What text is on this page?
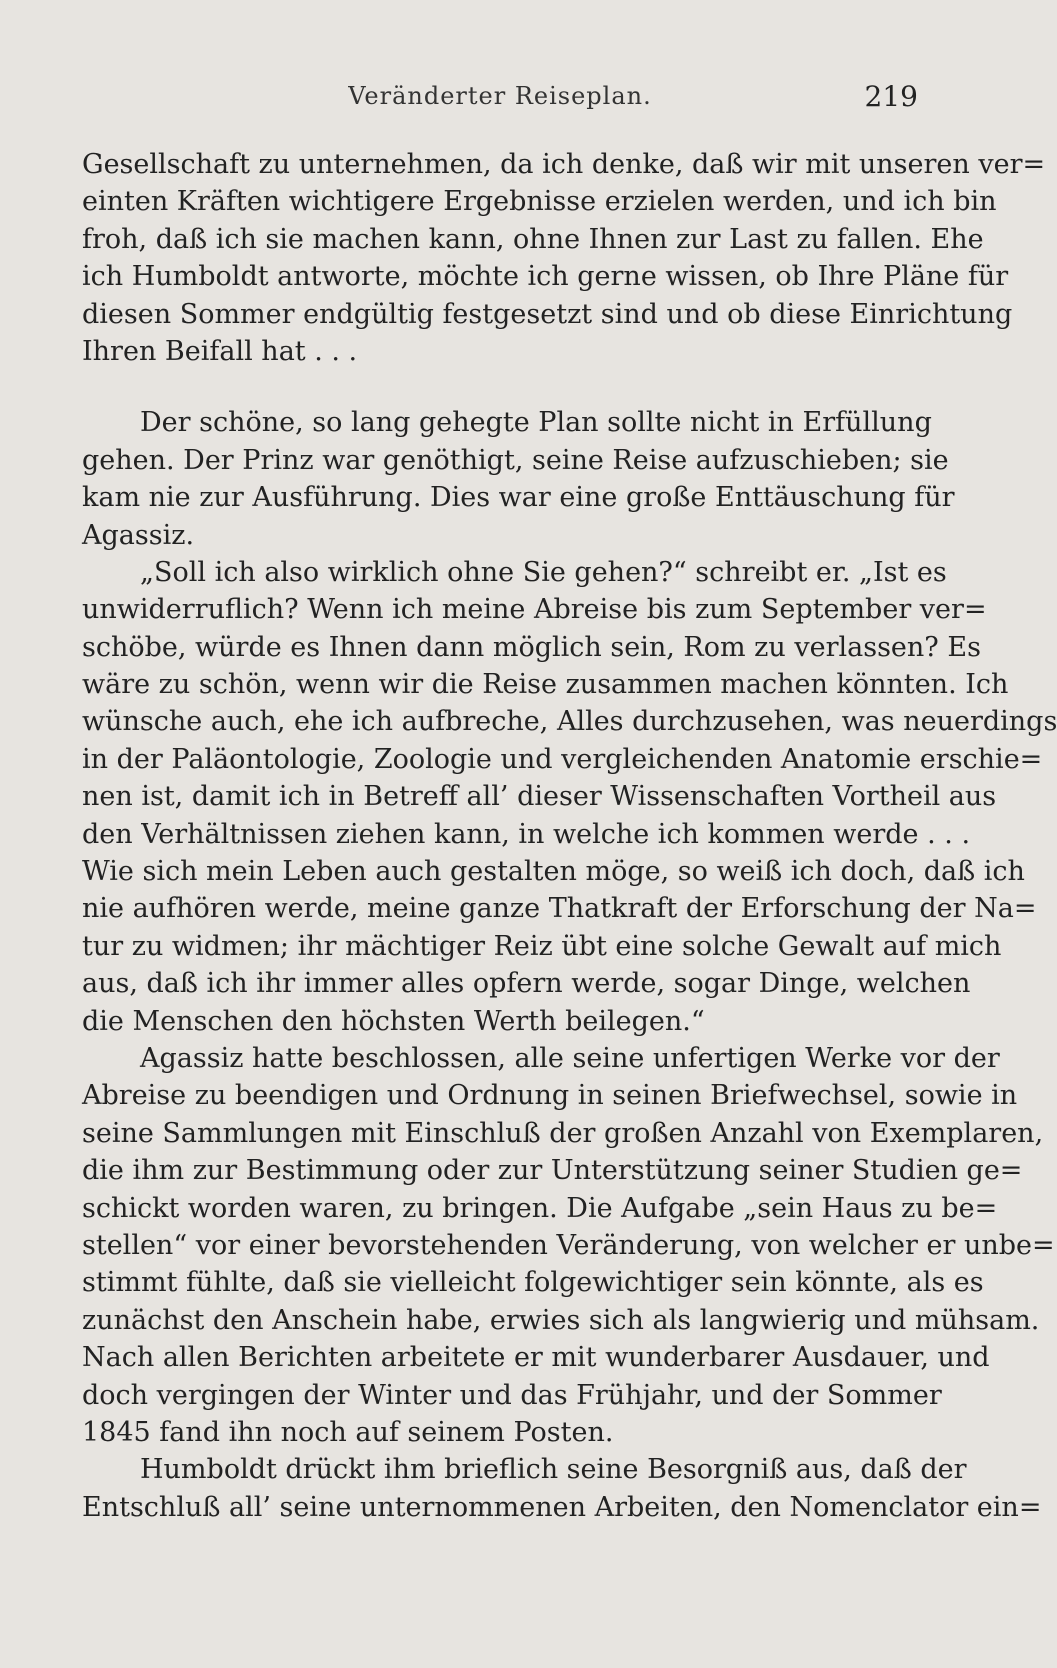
Veränderter Reiseplan.	219
Gesellschaft zu unternehmen, da ich denke, daß wir mit unseren ver=
einten Kräften wichtigere Ergebnisse erzielen werden, und ich bin
froh, daß ich sie machen kann, ohne Ihnen zur Last zu fallen. Ehe
ich Humboldt antworte, möchte ich gerne wissen, ob Ihre Pläne für
diesen Sommer endgültig festgesetzt sind und ob diese Einrichtung
Ihren Beifall hat . . .
Der schöne, so lang gehegte Plan sollte nicht in Erfüllung
gehen. Der Prinz war genöthigt, seine Reise aufzuschieben; sie
kam nie zur Ausführung. Dies war eine große Enttäuschung für
Agassiz.
„Soll ich also wirklich ohne Sie gehen?“ schreibt er. „Ist es
unwiderruflich? Wenn ich meine Abreise bis zum September ver=
schöbe, würde es Ihnen dann möglich sein, Rom zu verlassen? Es
wäre zu schön, wenn wir die Reise zusammen machen könnten. Ich
wünsche auch, ehe ich aufbreche, Alles durchzusehen, was neuerdings
in der Paläontologie, Zoologie und vergleichenden Anatomie erschie=
nen ist, damit ich in Betreff all’ dieser Wissenschaften Vortheil aus
den Verhältnissen ziehen kann, in welche ich kommen werde . . .
Wie sich mein Leben auch gestalten möge, so weiß ich doch, daß ich
nie aufhören werde, meine ganze Thatkraft der Erforschung der Na=
tur zu widmen; ihr mächtiger Reiz übt eine solche Gewalt auf mich
aus, daß ich ihr immer alles opfern werde, sogar Dinge, welchen
die Menschen den höchsten Werth beilegen.“
Agassiz hatte beschlossen, alle seine unfertigen Werke vor der
Abreise zu beendigen und Ordnung in seinen Briefwechsel, sowie in
seine Sammlungen mit Einschluß der großen Anzahl von Exemplaren,
die ihm zur Bestimmung oder zur Unterstützung seiner Studien ge=
schickt worden waren, zu bringen. Die Aufgabe „sein Haus zu be=
stellen“ vor einer bevorstehenden Veränderung, von welcher er unbe=
stimmt fühlte, daß sie vielleicht folgewichtiger sein könnte, als es
zunächst den Anschein habe, erwies sich als langwierig und mühsam.
Nach allen Berichten arbeitete er mit wunderbarer Ausdauer, und
doch vergingen der Winter und das Frühjahr, und der Sommer
1845 fand ihn noch auf seinem Posten.
Humboldt drückt ihm brieflich seine Besorgniß aus, daß der
Entschluß all’ seine unternommenen Arbeiten, den Nomenclator ein=
